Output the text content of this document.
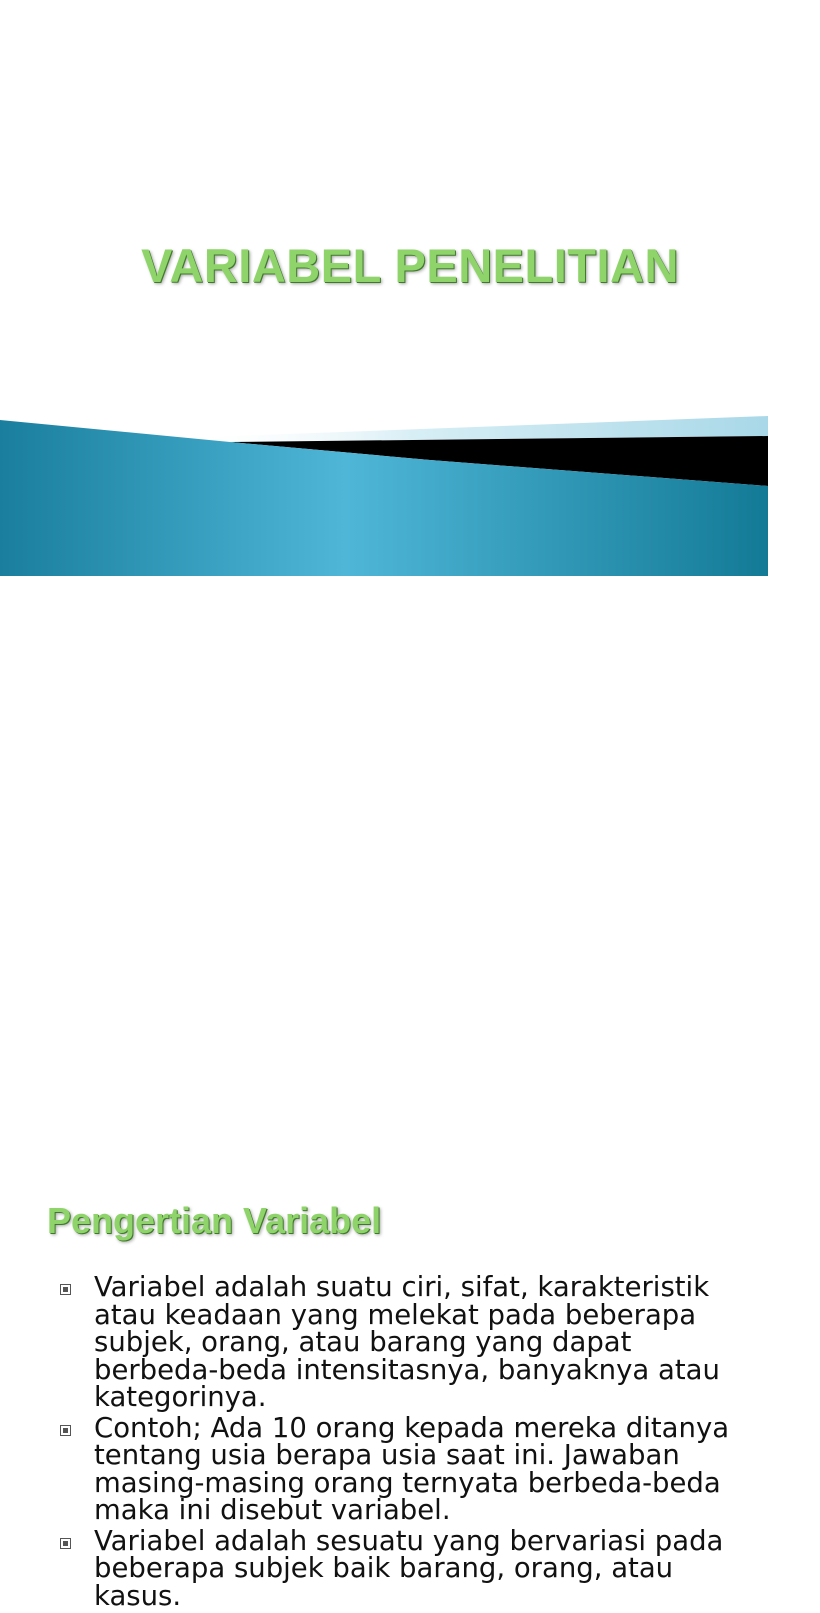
VARIABEL PENELITIAN
Pengertian Variabel
Variabel adalah suatu ciri, sifat, karakteristik atau keadaan yang melekat pada beberapa subjek, orang, atau barang yang dapat berbeda-beda intensitasnya, banyaknya atau kategorinya.
Contoh; Ada 10 orang kepada mereka ditanya tentang usia berapa usia saat ini. Jawaban masing-masing orang ternyata berbeda-beda maka ini disebut variabel.
Variabel adalah sesuatu yang bervariasi pada beberapa subjek baik barang, orang, atau kasus.
